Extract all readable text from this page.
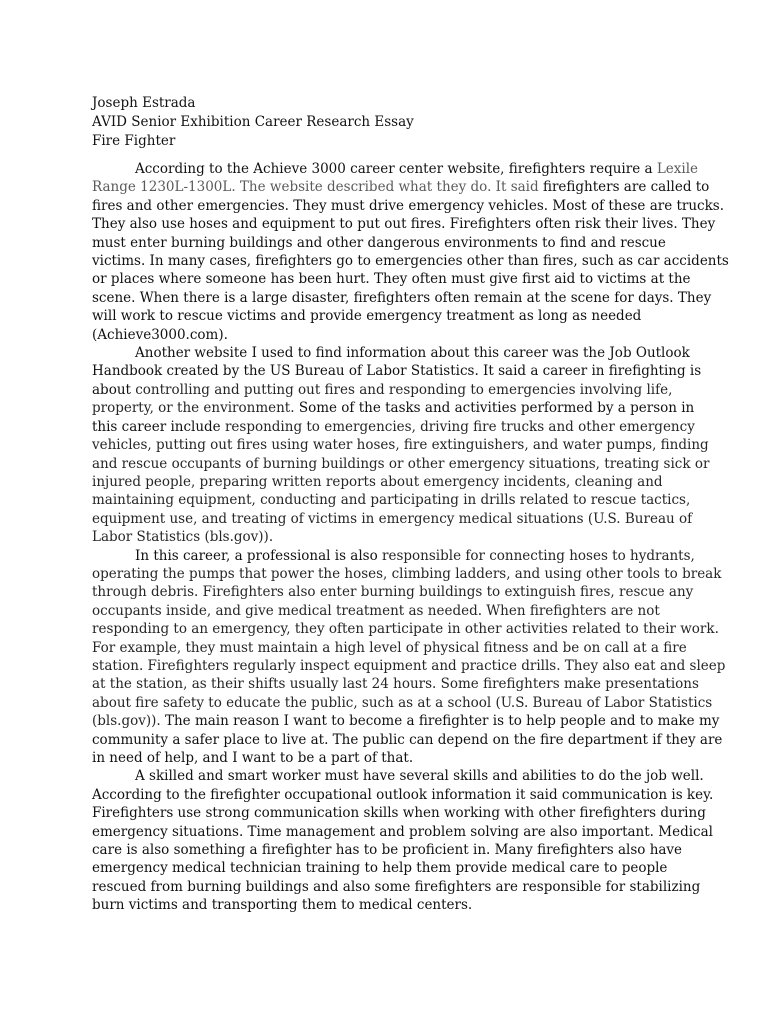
Joseph Estrada
AVID Senior Exhibition Career Research Essay
Fire Fighter
According to the Achieve 3000 career center website, firefighters require a Lexile
Range 1230L-1300L. The website described what they do. It said firefighters are called to
fires and other emergencies. They must drive emergency vehicles. Most of these are trucks.
They also use hoses and equipment to put out fires. Firefighters often risk their lives. They
must enter burning buildings and other dangerous environments to find and rescue
victims. In many cases, firefighters go to emergencies other than fires, such as car accidents
or places where someone has been hurt. They often must give first aid to victims at the
scene. When there is a large disaster, firefighters often remain at the scene for days. They
will work to rescue victims and provide emergency treatment as long as needed
(Achieve3000.com).
Another website I used to find information about this career was the Job Outlook
Handbook created by the US Bureau of Labor Statistics. It said a career in firefighting is
about controlling and putting out fires and responding to emergencies involving life,
property, or the environment. Some of the tasks and activities performed by a person in
this career include responding to emergencies, driving fire trucks and other emergency
vehicles, putting out fires using water hoses, fire extinguishers, and water pumps, finding
and rescue occupants of burning buildings or other emergency situations, treating sick or
injured people, preparing written reports about emergency incidents, cleaning and
maintaining equipment, conducting and participating in drills related to rescue tactics,
equipment use, and treating of victims in emergency medical situations (U.S. Bureau of
Labor Statistics (bls.gov)).
In this career, a professional is also responsible for connecting hoses to hydrants,
operating the pumps that power the hoses, climbing ladders, and using other tools to break
through debris. Firefighters also enter burning buildings to extinguish fires, rescue any
occupants inside, and give medical treatment as needed. When firefighters are not
responding to an emergency, they often participate in other activities related to their work.
For example, they must maintain a high level of physical fitness and be on call at a fire
station. Firefighters regularly inspect equipment and practice drills. They also eat and sleep
at the station, as their shifts usually last 24 hours. Some firefighters make presentations
about fire safety to educate the public, such as at a school (U.S. Bureau of Labor Statistics
(bls.gov)). The main reason I want to become a firefighter is to help people and to make my
community a safer place to live at. The public can depend on the fire department if they are
in need of help, and I want to be a part of that.
A skilled and smart worker must have several skills and abilities to do the job well.
According to the firefighter occupational outlook information it said communication is key.
Firefighters use strong communication skills when working with other firefighters during
emergency situations. Time management and problem solving are also important. Medical
care is also something a firefighter has to be proficient in. Many firefighters also have
emergency medical technician training to help them provide medical care to people
rescued from burning buildings and also some firefighters are responsible for stabilizing
burn victims and transporting them to medical centers.
